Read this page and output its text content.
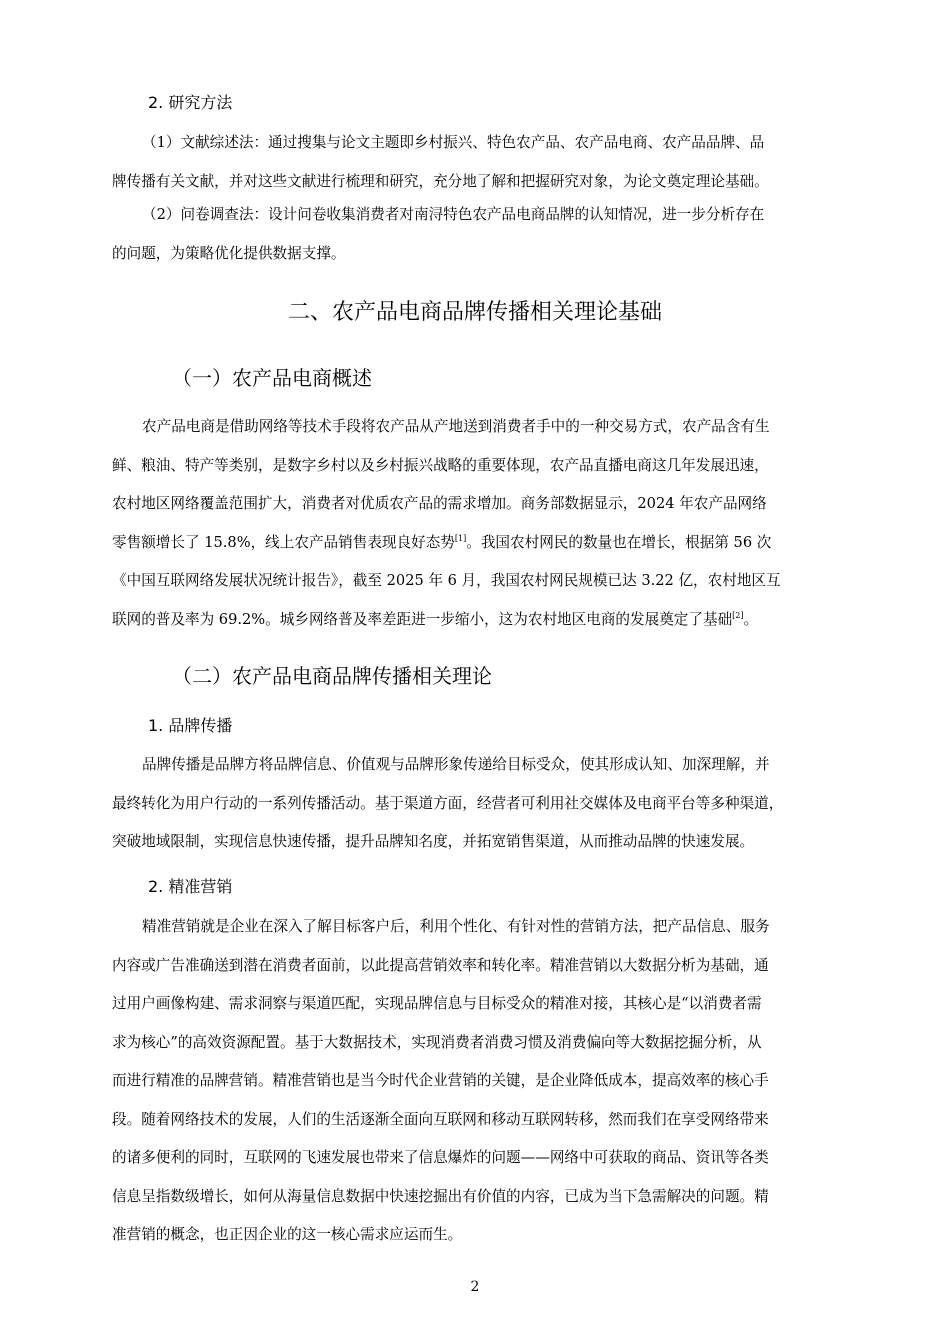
2. 研究方法
（1）文献综述法：通过搜集与论文主题即乡村振兴、特色农产品、农产品电商、农产品品牌、品
牌传播有关文献，并对这些文献进行梳理和研究，充分地了解和把握研究对象，为论文奠定理论基础。
（2）问卷调查法：设计问卷收集消费者对南浔特色农产品电商品牌的认知情况，进一步分析存在
的问题，为策略优化提供数据支撑。
二、农产品电商品牌传播相关理论基础
（一）农产品电商概述
农产品电商是借助网络等技术手段将农产品从产地送到消费者手中的一种交易方式，农产品含有生
鲜、粮油、特产等类别，是数字乡村以及乡村振兴战略的重要体现，农产品直播电商这几年发展迅速，
农村地区网络覆盖范围扩大，消费者对优质农产品的需求增加。商务部数据显示，2024 年农产品网络
零售额增长了 15.8%，线上农产品销售表现良好态势[1]。我国农村网民的数量也在增长，根据第 56 次
《中国互联网络发展状况统计报告》，截至 2025 年 6 月，我国农村网民规模已达 3.22 亿，农村地区互
联网的普及率为 69.2%。城乡网络普及率差距进一步缩小，这为农村地区电商的发展奠定了基础[2]。
（二）农产品电商品牌传播相关理论
1. 品牌传播
品牌传播是品牌方将品牌信息、价值观与品牌形象传递给目标受众，使其形成认知、加深理解，并
最终转化为用户行动的一系列传播活动。基于渠道方面，经营者可利用社交媒体及电商平台等多种渠道，
突破地域限制，实现信息快速传播，提升品牌知名度，并拓宽销售渠道，从而推动品牌的快速发展。
2. 精准营销
精准营销就是企业在深入了解目标客户后，利用个性化、有针对性的营销方法，把产品信息、服务
内容或广告准确送到潜在消费者面前，以此提高营销效率和转化率。精准营销以大数据分析为基础，通
过用户画像构建、需求洞察与渠道匹配，实现品牌信息与目标受众的精准对接，其核心是“以消费者需
求为核心”的高效资源配置。基于大数据技术，实现消费者消费习惯及消费偏向等大数据挖掘分析，从
而进行精准的品牌营销。精准营销也是当今时代企业营销的关键，是企业降低成本，提高效率的核心手
段。随着网络技术的发展，人们的生活逐渐全面向互联网和移动互联网转移，然而我们在享受网络带来
的诸多便利的同时，互联网的飞速发展也带来了信息爆炸的问题——网络中可获取的商品、资讯等各类
信息呈指数级增长，如何从海量信息数据中快速挖掘出有价值的内容，已成为当下急需解决的问题。精
准营销的概念，也正因企业的这一核心需求应运而生。
2
